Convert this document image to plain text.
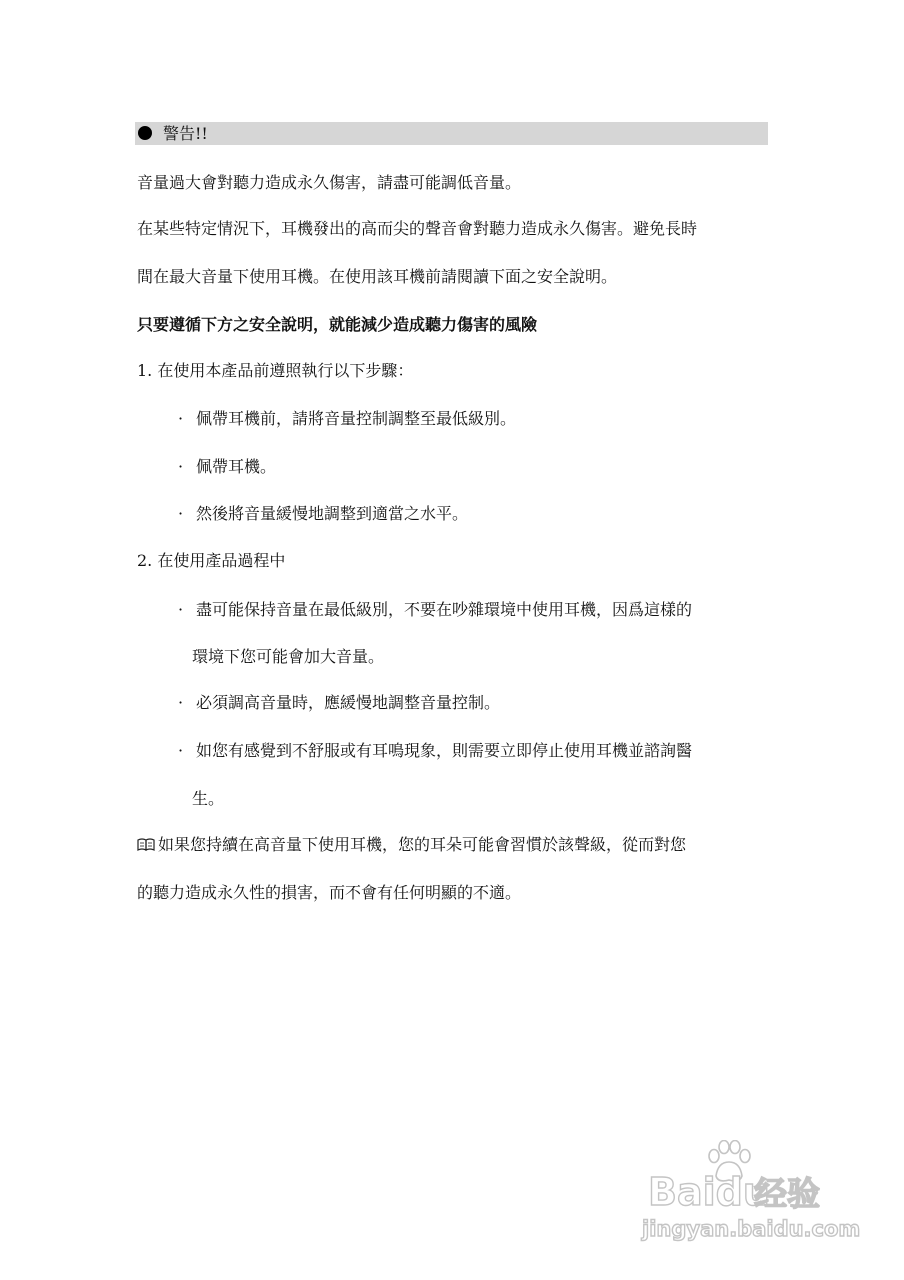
警告!!
音量過大會對聽力造成永久傷害，請盡可能調低音量。
在某些特定情況下，耳機發出的高而尖的聲音會對聽力造成永久傷害。避免長時
間在最大音量下使用耳機。在使用該耳機前請閱讀下面之安全說明。
只要遵循下方之安全說明，就能減少造成聽力傷害的風險
1. 在使用本產品前遵照執行以下步驟：
· 佩帶耳機前，請將音量控制調整至最低級別。
· 佩帶耳機。
· 然後將音量緩慢地調整到適當之水平。
2. 在使用產品過程中
· 盡可能保持音量在最低級別，不要在吵雜環境中使用耳機，因爲這樣的
環境下您可能會加大音量。
· 必須調高音量時，應緩慢地調整音量控制。
· 如您有感覺到不舒服或有耳鳴現象，則需要立即停止使用耳機並諮詢醫
生。
如果您持續在高音量下使用耳機，您的耳朵可能會習慣於該聲級，從而對您
的聽力造成永久性的損害，而不會有任何明顯的不適。
Baidu
经验
jingyan.baidu.com
